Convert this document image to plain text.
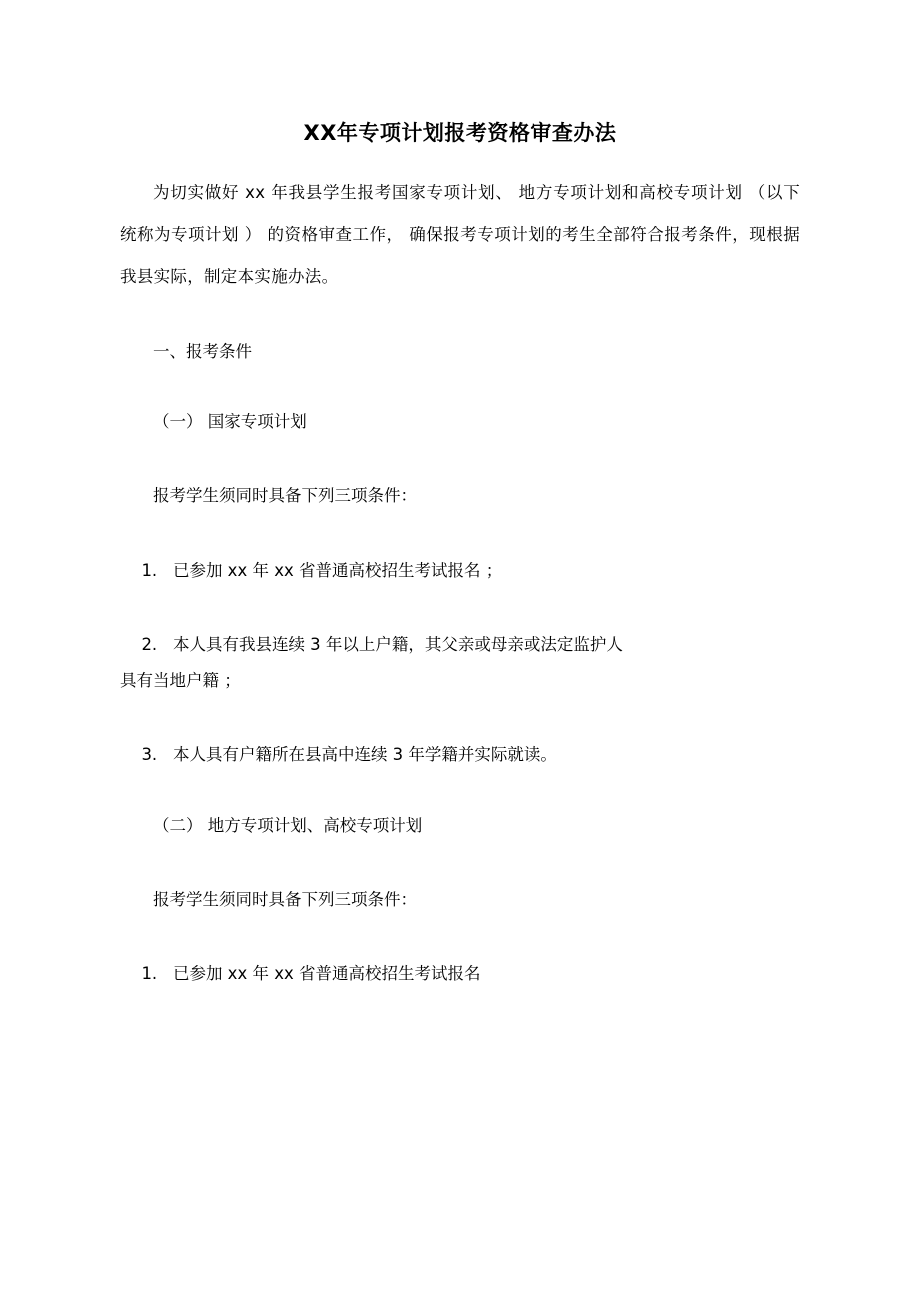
XX年专项计划报考资格审查办法

为切实做好 xx 年我县学生报考国家专项计划、 地方专项计划和高校专项计划 （以下统称为专项计划 ） 的资格审查工作， 确保报考专项计划的考生全部符合报考条件，现根据我县实际，制定本实施办法。

一、报考条件

（一） 国家专项计划

报考学生须同时具备下列三项条件：

1. 已参加 xx 年 xx 省普通高校招生考试报名 ；

2. 本人具有我县连续 3 年以上户籍，其父亲或母亲或法定监护人
具有当地户籍 ；

3. 本人具有户籍所在县高中连续 3 年学籍并实际就读。

（二） 地方专项计划、高校专项计划

报考学生须同时具备下列三项条件：

1. 已参加 xx 年 xx 省普通高校招生考试报名
